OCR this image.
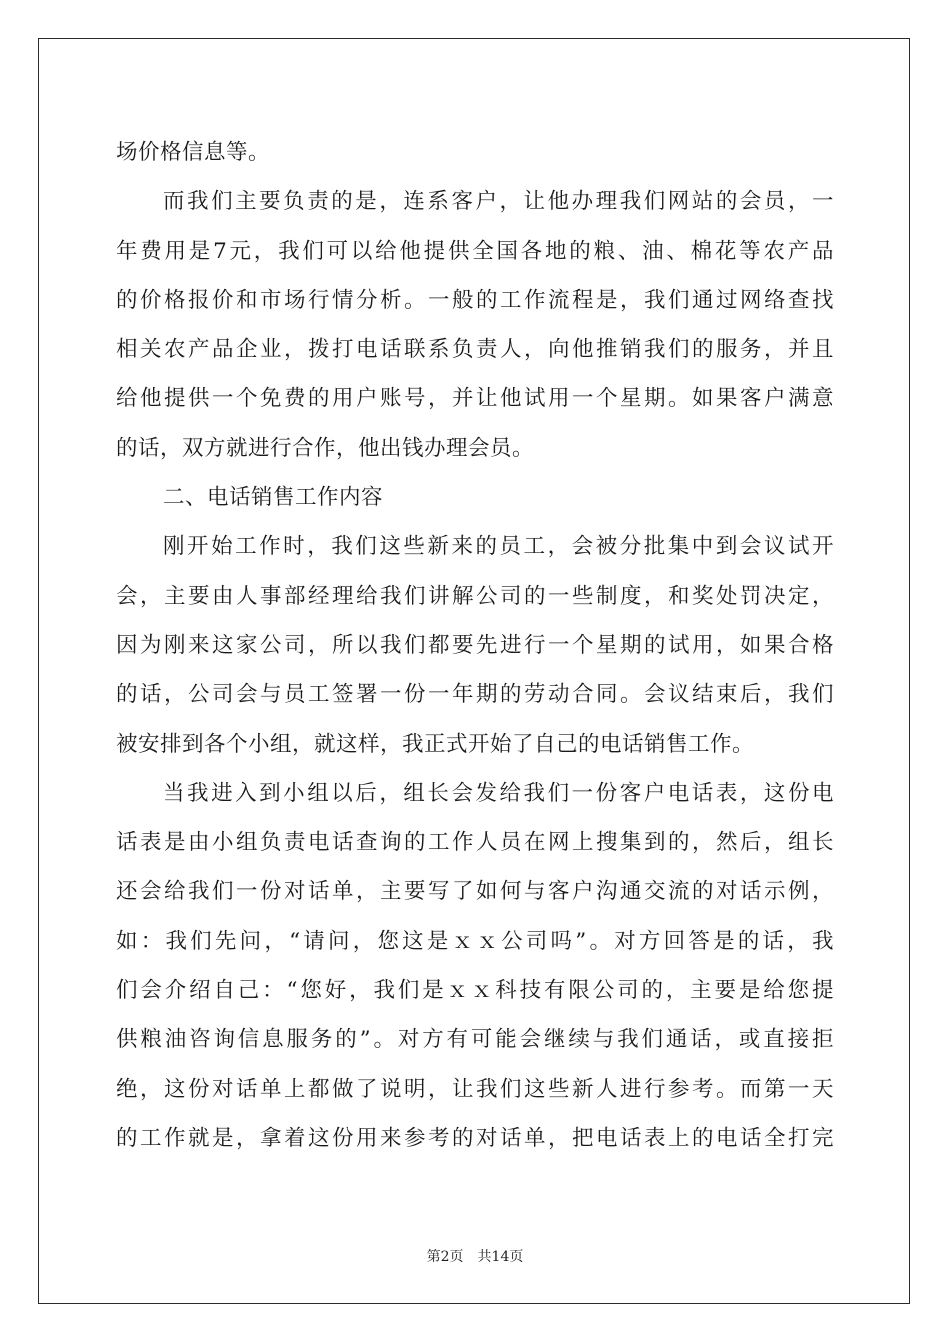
场价格信息等。
而我们主要负责的是，连系客户，让他办理我们网站的会员，一
年费用是7元，我们可以给他提供全国各地的粮、油、棉花等农产品
的价格报价和市场行情分析。一般的工作流程是，我们通过网络查找
相关农产品企业，拨打电话联系负责人，向他推销我们的服务，并且
给他提供一个免费的用户账号，并让他试用一个星期。如果客户满意
的话，双方就进行合作，他出钱办理会员。
二、电话销售工作内容
刚开始工作时，我们这些新来的员工，会被分批集中到会议试开
会，主要由人事部经理给我们讲解公司的一些制度，和奖处罚决定，
因为刚来这家公司，所以我们都要先进行一个星期的试用，如果合格
的话，公司会与员工签署一份一年期的劳动合同。会议结束后，我们
被安排到各个小组，就这样，我正式开始了自己的电话销售工作。
当我进入到小组以后，组长会发给我们一份客户电话表，这份电
话表是由小组负责电话查询的工作人员在网上搜集到的，然后，组长
还会给我们一份对话单，主要写了如何与客户沟通交流的对话示例，
如：我们先问，“请问，您这是ｘｘ公司吗”。对方回答是的话，我
们会介绍自己：“您好，我们是ｘｘ科技有限公司的，主要是给您提
供粮油咨询信息服务的”。对方有可能会继续与我们通话，或直接拒
绝，这份对话单上都做了说明，让我们这些新人进行参考。而第一天
的工作就是，拿着这份用来参考的对话单，把电话表上的电话全打完
第2页 共14页
